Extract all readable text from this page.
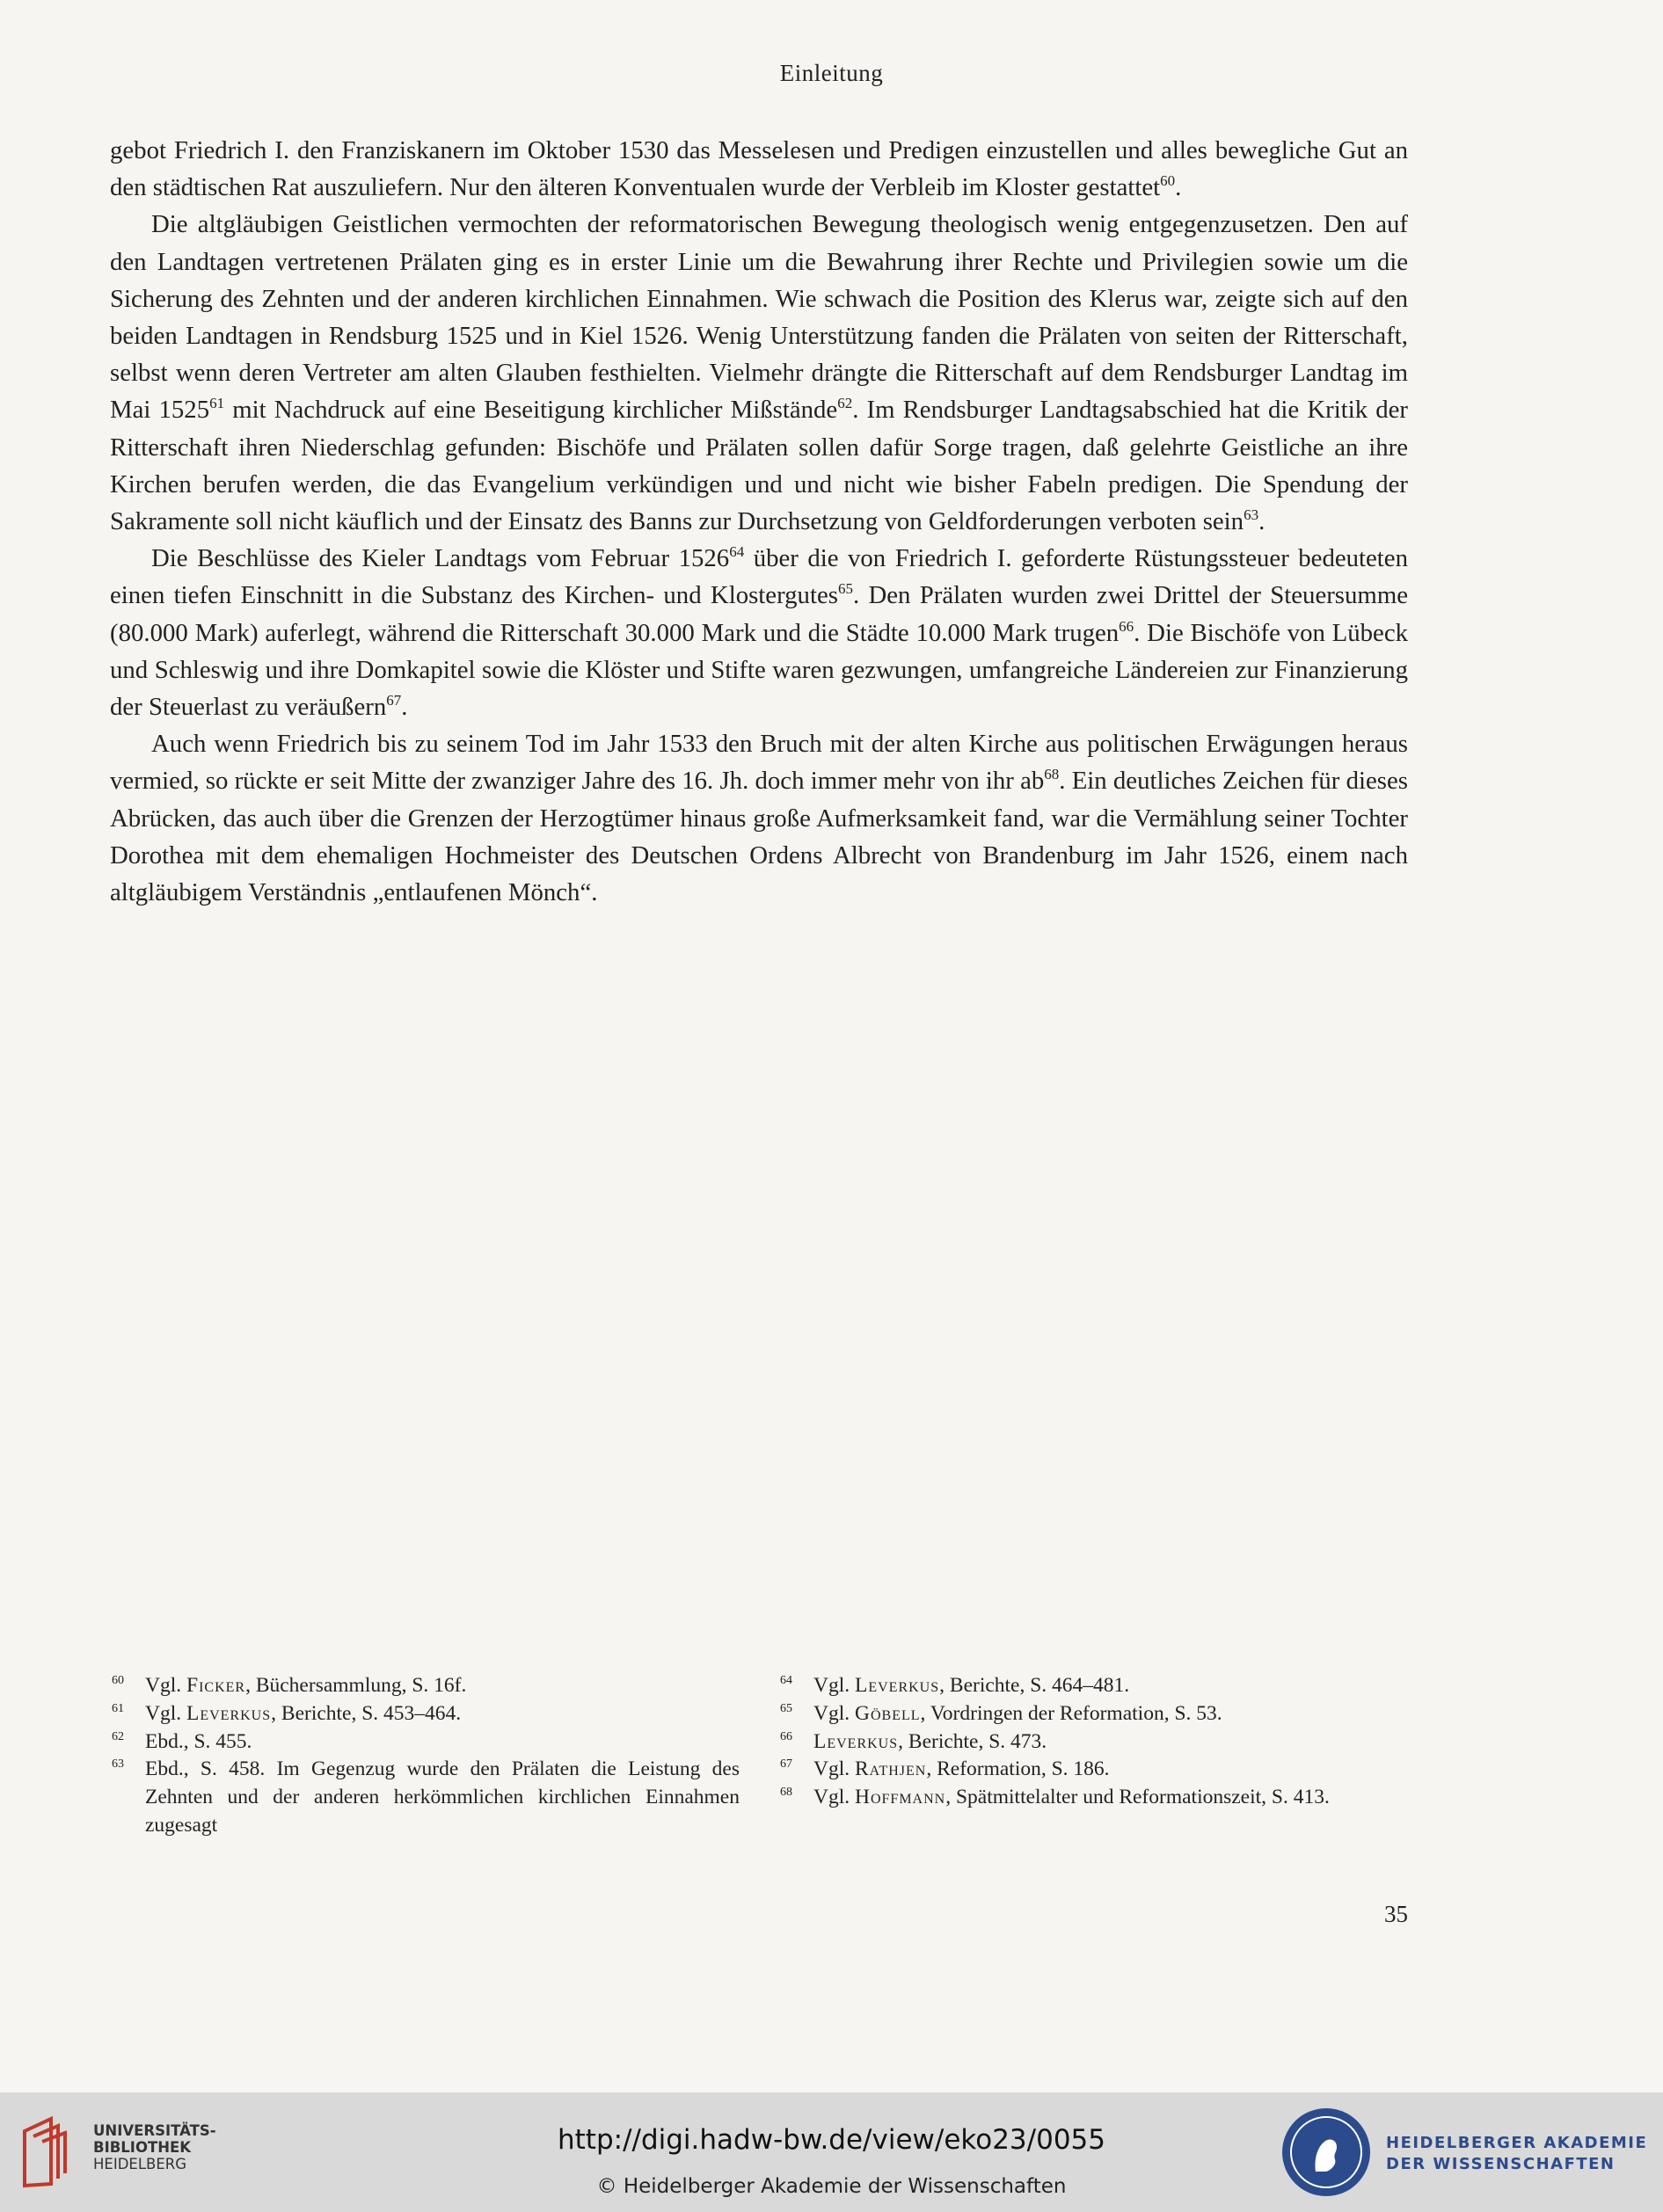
Einleitung

gebot Friedrich I. den Franziskanern im Oktober 1530 das Messelesen und Predigen einzustellen und alles bewegliche Gut an den städtischen Rat auszuliefern. Nur den älteren Konventualen wurde der Verbleib im Kloster gestattet$^{60}$.

Die altgläubigen Geistlichen vermochten der reformatorischen Bewegung theologisch wenig entgegenzusetzen. Den auf den Landtagen vertretenen Prälaten ging es in erster Linie um die Bewahrung ihrer Rechte und Privilegien sowie um die Sicherung des Zehnten und der anderen kirchlichen Einnahmen. Wie schwach die Position des Klerus war, zeigte sich auf den beiden Landtagen in Rendsburg 1525 und in Kiel 1526. Wenig Unterstützung fanden die Prälaten von seiten der Ritterschaft, selbst wenn deren Vertreter am alten Glauben festhielten. Vielmehr drängte die Ritterschaft auf dem Rendsburger Landtag im Mai 1525$^{61}$ mit Nachdruck auf eine Beseitigung kirchlicher Mißstände$^{62}$. Im Rendsburger Landtagsabschied hat die Kritik der Ritterschaft ihren Niederschlag gefunden: Bischöfe und Prälaten sollen dafür Sorge tragen, daß gelehrte Geistliche an ihre Kirchen berufen werden, die das Evangelium verkündigen und und nicht wie bisher Fabeln predigen. Die Spendung der Sakramente soll nicht käuflich und der Einsatz des Banns zur Durchsetzung von Geldforderungen verboten sein$^{63}$.

Die Beschlüsse des Kieler Landtags vom Februar 1526$^{64}$ über die von Friedrich I. geforderte Rüstungssteuer bedeuteten einen tiefen Einschnitt in die Substanz des Kirchen- und Klostergutes$^{65}$. Den Prälaten wurden zwei Drittel der Steuersumme (80.000 Mark) auferlegt, während die Ritterschaft 30.000 Mark und die Städte 10.000 Mark trugen$^{66}$. Die Bischöfe von Lübeck und Schleswig und ihre Domkapitel sowie die Klöster und Stifte waren gezwungen, umfangreiche Ländereien zur Finanzierung der Steuerlast zu veräußern$^{67}$.

Auch wenn Friedrich bis zu seinem Tod im Jahr 1533 den Bruch mit der alten Kirche aus politischen Erwägungen heraus vermied, so rückte er seit Mitte der zwanziger Jahre des 16. Jh. doch immer mehr von ihr $ab^{68}$. Ein deutliches Zeichen für dieses Abrücken, das auch über die Grenzen der Herzogtümer hinaus große Aufmerksamkeit fand, war die Vermählung seiner Tochter Dorothea mit dem ehemaligen Hochmeister des Deutschen Ordens Albrecht von Brandenburg im Jahr 1526, einem nach altgläubigem Verständnis „entlaufenen Mönch“.

60 Vgl. Ficker, Büchersammlung, S. 16f.
61 Vgl. Leverkus, Berichte, S. 453–464.
62 Ebd., S. 455.
63 Ebd., S. 458. Im Gegenzug wurde den Prälaten die Leistung des Zehnten und der anderen herkömmlichen kirchlichen Einnahmen zugesagt
64 Vgl. Leverkus, Berichte, S. 464–481.
65 Vgl. Göbell, Vordringen der Reformation, S. 53.
66 Leverkus, Berichte, S. 473.
67 Vgl. Rathjen, Reformation, S. 186.
68 Vgl. Hoffmann, Spätmittelalter und Reformationszeit, S. 413.
35
UNIVERSITÄTS-
BIBLIOTHEK
HEIDELBERG
http://digi.hadw-bw.de/view/eko23/0055
© Heidelberger Akademie der Wissenschaften
HEIDELBERGER AKADEMIE
DER WISSENSCHAFTEN
